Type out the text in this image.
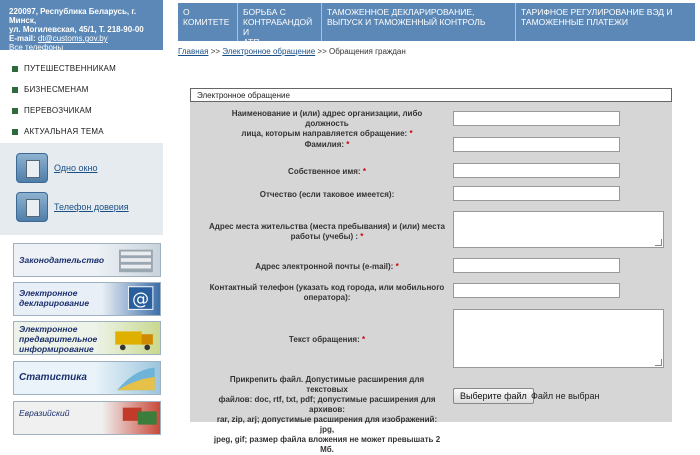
220097, Республика Беларусь, г. Минск,
ул. Могилевская, 45/1, Т. 218-90-00
E-mail: dt@customs.gov.by
Все телефоны
ПУТЕШЕСТВЕННИКАМ
БИЗНЕСМЕНАМ
ПЕРЕВОЗЧИКАМ
АКТУАЛЬНАЯ ТЕМА
Одно окно
Телефон доверия
Законодательство
Электронное
декларирование @
Электронное
предварительное
информирование
Статистика
Евразийский
О КОМИТЕТЕ
БОРЬБА С
КОНТРАБАНДОЙ И
АТП
ТАМОЖЕННОЕ ДЕКЛАРИРОВАНИЕ,
ВЫПУСК И ТАМОЖЕННЫЙ КОНТРОЛЬ
ТАРИФНОЕ РЕГУЛИРОВАНИЕ ВЭД И
ТАМОЖЕННЫЕ ПЛАТЕЖИ
Главная >> Электронное обращение >> Обращения граждан
Электронное обращение
Наименование и (или) адрес организации, либо должность
лица, которым направляется обращение: *
Фамилия: *
Собственное имя: *
Отчество (если таковое имеется):
Адрес места жительства (места пребывания) и (или) места
работы (учебы) : *
Адрес электронной почты (e-mail): *
Контактный телефон (указать код города, или мобильного
оператора):
Текст обращения: *
Прикрепить файл. Допустимые расширения для текстовых
файлов: doc, rtf, txt, pdf; допустимые расширения для архивов:
rar, zip, arj; допустимые расширения для изображений: jpg,
jpeg, gif; размер файла вложения не может превышать 2 Мб.
Выберите файл Файл не выбран
